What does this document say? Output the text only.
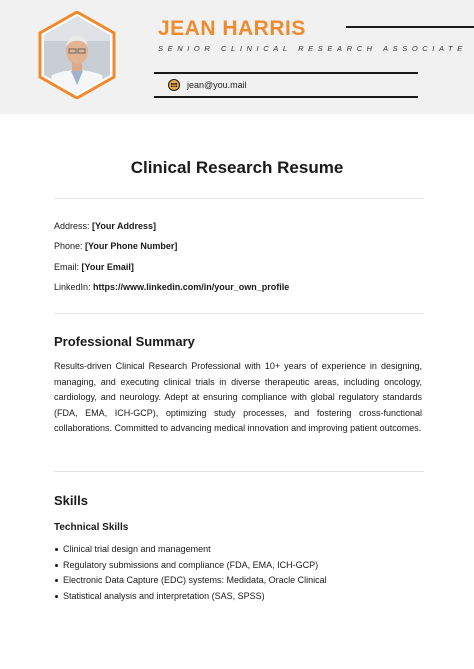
JEAN HARRIS
SENIOR CLINICAL RESEARCH ASSOCIATE
jean@you.mail
Clinical Research Resume
Address: [Your Address]
Phone: [Your Phone Number]
Email: [Your Email]
LinkedIn: https://www.linkedin.com/in/your_own_profile
Professional Summary
Results-driven Clinical Research Professional with 10+ years of experience in designing, managing, and executing clinical trials in diverse therapeutic areas, including oncology, cardiology, and neurology. Adept at ensuring compliance with global regulatory standards (FDA, EMA, ICH-GCP), optimizing study processes, and fostering cross-functional collaborations. Committed to advancing medical innovation and improving patient outcomes.
Skills
Technical Skills
Clinical trial design and management
Regulatory submissions and compliance (FDA, EMA, ICH-GCP)
Electronic Data Capture (EDC) systems: Medidata, Oracle Clinical
Statistical analysis and interpretation (SAS, SPSS)
